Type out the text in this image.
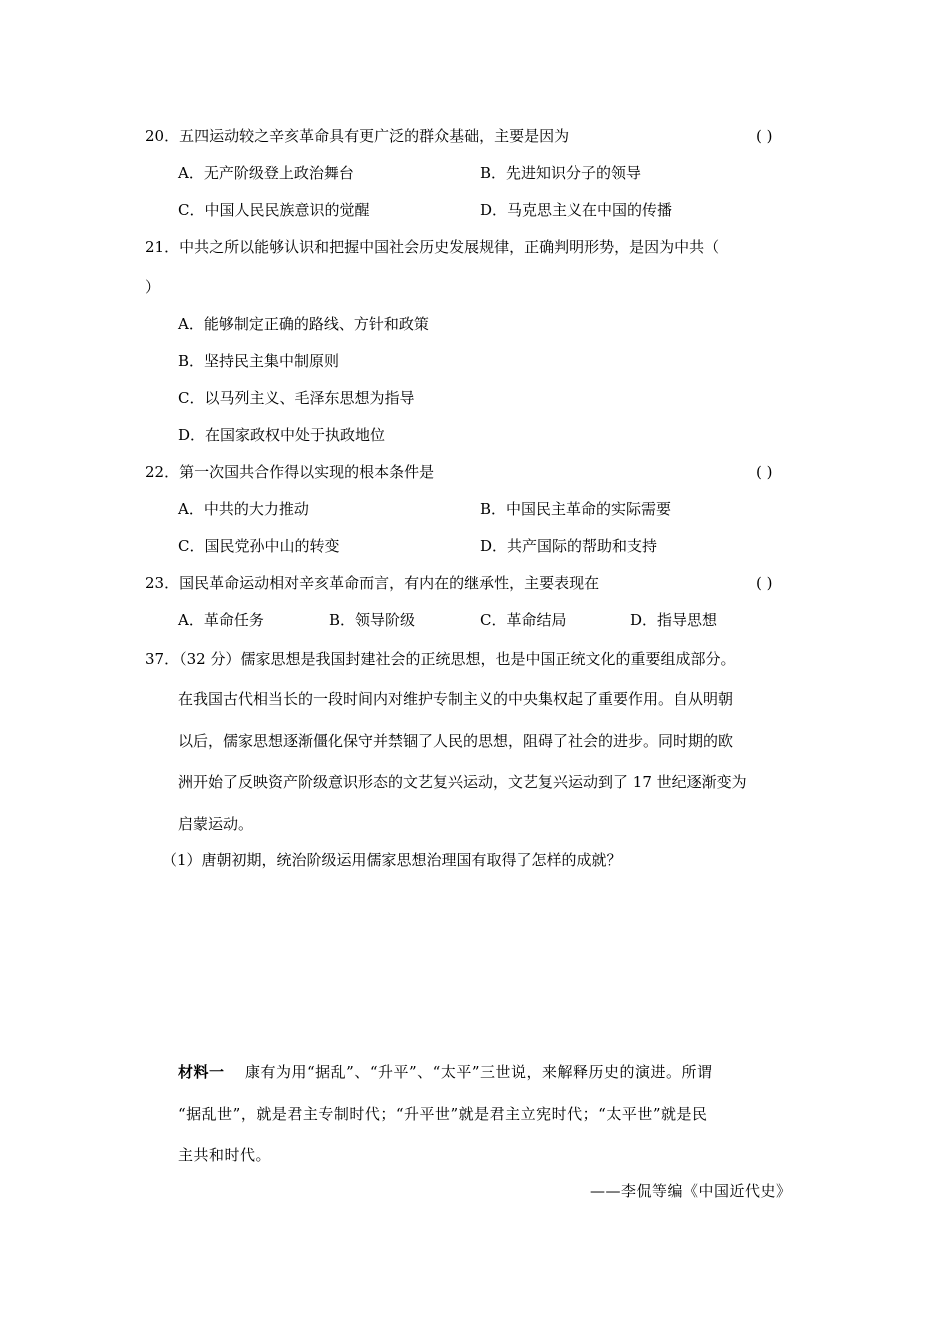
20．五四运动较之辛亥革命具有更广泛的群众基础，主要是因为	( )
A．无产阶级登上政治舞台	B．先进知识分子的领导
C．中国人民民族意识的觉醒	D．马克思主义在中国的传播
21．中共之所以能够认识和把握中国社会历史发展规律，正确判明形势，是因为中共（
）
A．能够制定正确的路线、方针和政策
B．坚持民主集中制原则
C．以马列主义、毛泽东思想为指导
D．在国家政权中处于执政地位
22．第一次国共合作得以实现的根本条件是	( )
A．中共的大力推动	B．中国民主革命的实际需要
C．国民党孙中山的转变	D．共产国际的帮助和支持
23．国民革命运动相对辛亥革命而言，有内在的继承性，主要表现在	( )
A．革命任务	B．领导阶级	C．革命结局	D．指导思想
37．（32 分）儒家思想是我国封建社会的正统思想，也是中国正统文化的重要组成部分。
在我国古代相当长的一段时间内对维护专制主义的中央集权起了重要作用。自从明朝
以后，儒家思想逐渐僵化保守并禁锢了人民的思想，阻碍了社会的进步。同时期的欧
洲开始了反映资产阶级意识形态的文艺复兴运动，文艺复兴运动到了 17 世纪逐渐变为
启蒙运动。
（1）唐朝初期，统治阶级运用儒家思想治理国有取得了怎样的成就？
材料一 康有为用“据乱”、“升平”、“太平”三世说，来解释历史的演进。所谓
“据乱世”，就是君主专制时代；“升平世”就是君主立宪时代；“太平世”就是民
主共和时代。
——李侃等编《中国近代史》
